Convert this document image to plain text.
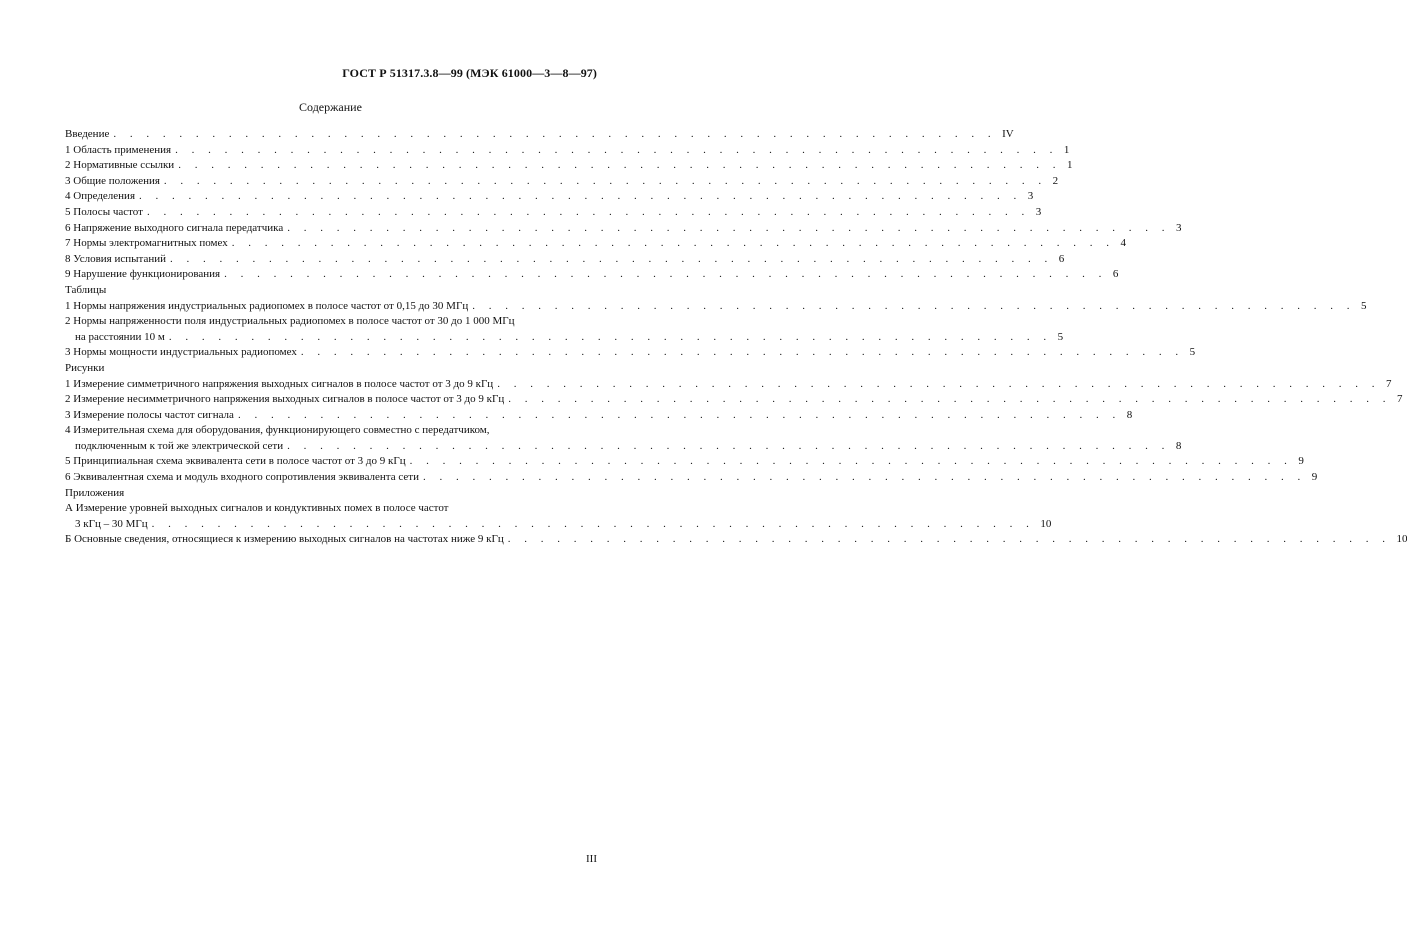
ГОСТ Р 51317.3.8—99 (МЭК 61000—3—8—97)
Содержание
Введение . . . . . . . . . . . . . . . . . . . . . . . . . . . . . . . . . . . . . . . . . . . . . . . . . . . . . . IV
1 Область применения . . . . . . . . . . . . . . . . . . . . . . . . . . . . . . . . . . . . . . . . . . . . . . . . . . . . . . 1
2 Нормативные ссылки . . . . . . . . . . . . . . . . . . . . . . . . . . . . . . . . . . . . . . . . . . . . . . . . . . . . . . 1
3 Общие положения . . . . . . . . . . . . . . . . . . . . . . . . . . . . . . . . . . . . . . . . . . . . . . . . . . . . . . 2
4 Определения . . . . . . . . . . . . . . . . . . . . . . . . . . . . . . . . . . . . . . . . . . . . . . . . . . . . . . 3
5 Полосы частот . . . . . . . . . . . . . . . . . . . . . . . . . . . . . . . . . . . . . . . . . . . . . . . . . . . . . . 3
6 Напряжение выходного сигнала передатчика . . . . . . . . . . . . . . . . . . . . . . . . . . . . . . . . . . . . . . . . . . . . . . . . . . . . . . 3
7 Нормы электромагнитных помех . . . . . . . . . . . . . . . . . . . . . . . . . . . . . . . . . . . . . . . . . . . . . . . . . . . . . . 4
8 Условия испытаний . . . . . . . . . . . . . . . . . . . . . . . . . . . . . . . . . . . . . . . . . . . . . . . . . . . . . . 6
9 Нарушение функционирования . . . . . . . . . . . . . . . . . . . . . . . . . . . . . . . . . . . . . . . . . . . . . . . . . . . . . . 6
Таблицы
1 Нормы напряжения индустриальных радиопомех в полосе частот от 0,15 до 30 МГц . . . . . . . . . . . . . . . . . . . . . . . . . . . . . . . . . . . . . . . . . . . . . . . . . . . . . . 5
2 Нормы напряженности поля индустриальных радиопомех в полосе частот от 30 до 1 000 МГц
на расстоянии 10 м . . . . . . . . . . . . . . . . . . . . . . . . . . . . . . . . . . . . . . . . . . . . . . . . . . . . . . 5
3 Нормы мощности индустриальных радиопомех . . . . . . . . . . . . . . . . . . . . . . . . . . . . . . . . . . . . . . . . . . . . . . . . . . . . . . 5
Рисунки
1 Измерение симметричного напряжения выходных сигналов в полосе частот от 3 до 9 кГц . . . . . . . . . . . . . . . . . . . . . . . . . . . . . . . . . . . . . . . . . . . . . . . . . . . . . . 7
2 Измерение несимметричного напряжения выходных сигналов в полосе частот от 3 до 9 кГц . . . . . . . . . . . . . . . . . . . . . . . . . . . . . . . . . . . . . . . . . . . . . . . . . . . . . . 7
3 Измерение полосы частот сигнала . . . . . . . . . . . . . . . . . . . . . . . . . . . . . . . . . . . . . . . . . . . . . . . . . . . . . . 8
4 Измерительная схема для оборудования, функционирующего совместно с передатчиком,
подключенным к той же электрической сети . . . . . . . . . . . . . . . . . . . . . . . . . . . . . . . . . . . . . . . . . . . . . . . . . . . . . . 8
5 Принципиальная схема эквивалента сети в полосе частот от 3 до 9 кГц . . . . . . . . . . . . . . . . . . . . . . . . . . . . . . . . . . . . . . . . . . . . . . . . . . . . . . 9
6 Эквивалентная схема и модуль входного сопротивления эквивалента сети . . . . . . . . . . . . . . . . . . . . . . . . . . . . . . . . . . . . . . . . . . . . . . . . . . . . . . 9
Приложения
А Измерение уровней выходных сигналов и кондуктивных помех в полосе частот
3 кГц – 30 МГц . . . . . . . . . . . . . . . . . . . . . . . . . . . . . . . . . . . . . . . . . . . . . . . . . . . . . . 10
Б Основные сведения, относящиеся к измерению выходных сигналов на частотах ниже 9 кГц . . . . . . . . . . . . . . . . . . . . . . . . . . . . . . . . . . . . . . . . . . . . . . . . . . . . . . 10
III
